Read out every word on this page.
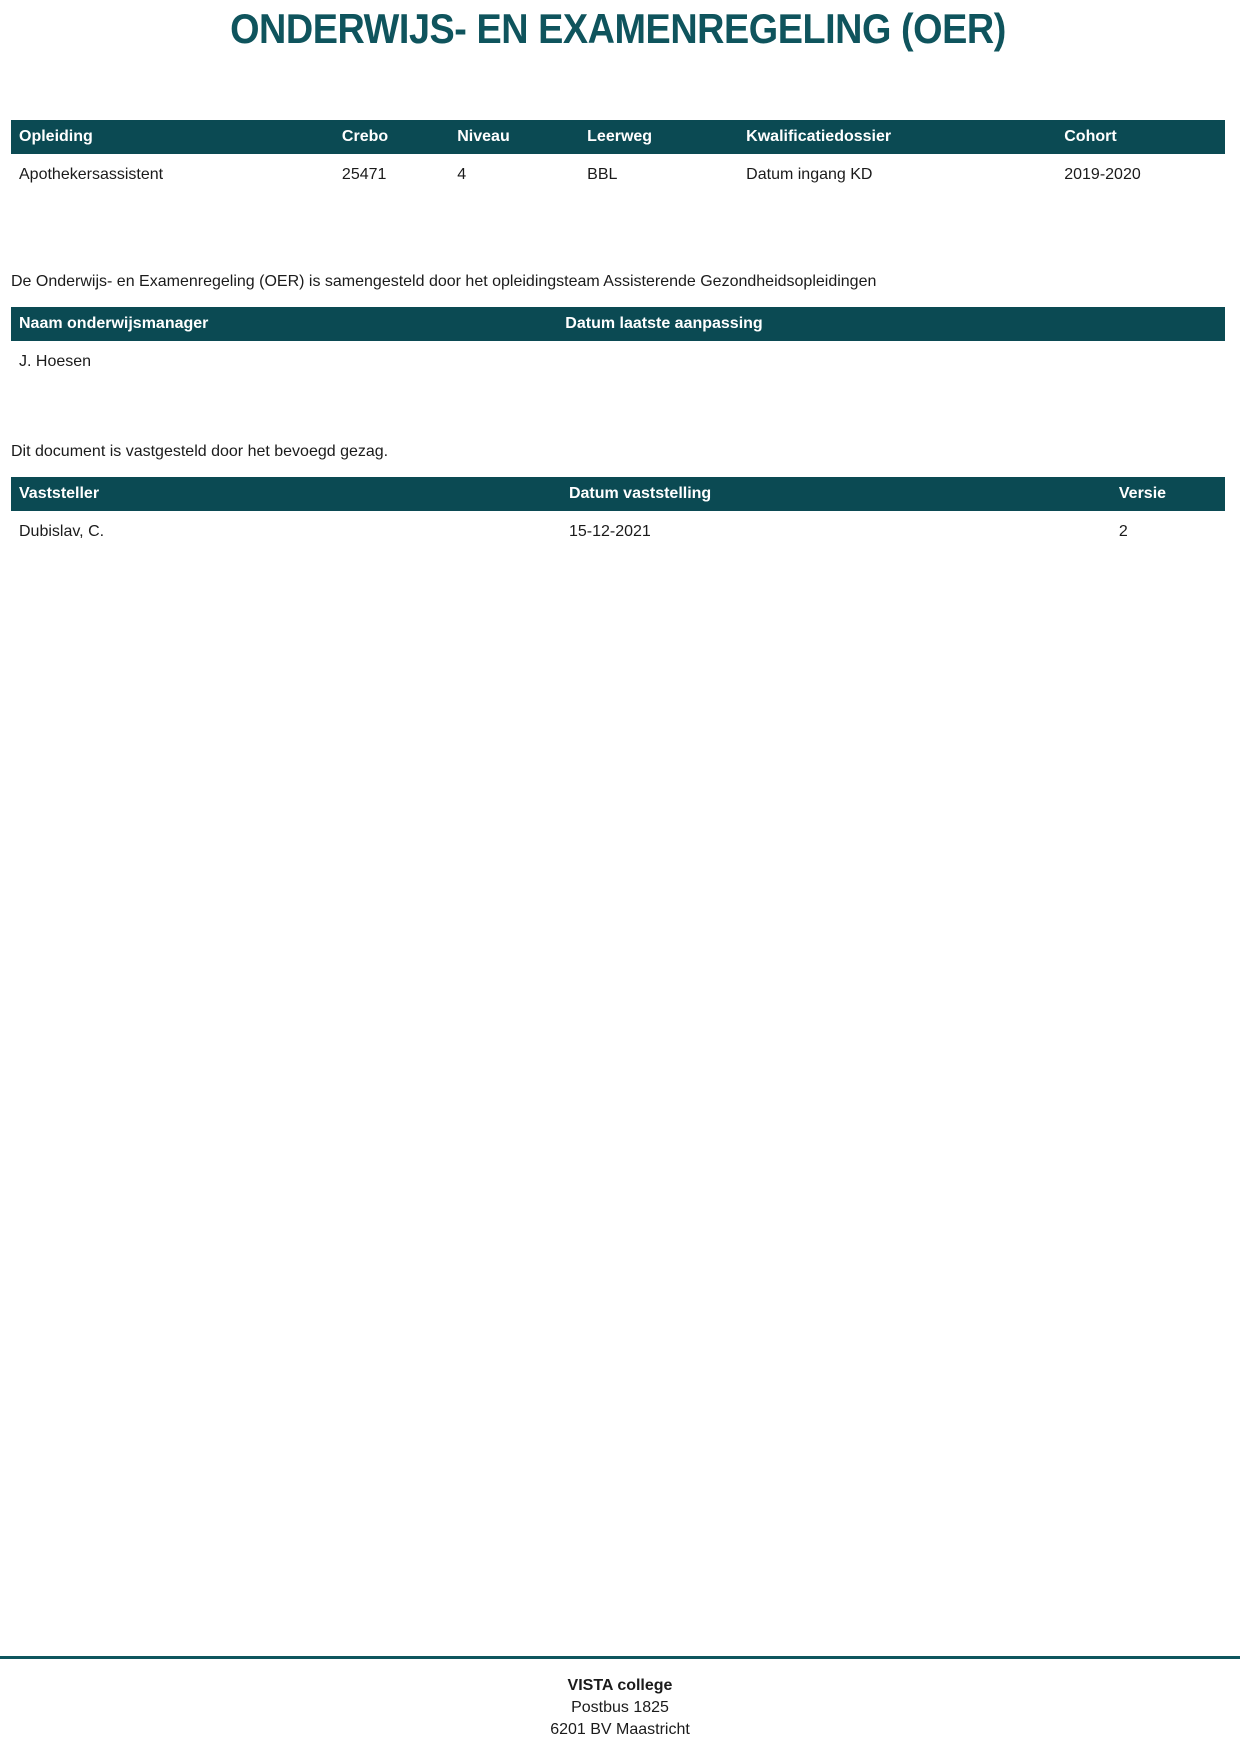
ONDERWIJS- EN EXAMENREGELING (OER)
Opleiding	Crebo	Niveau	Leerweg	Kwalificatiedossier	Cohort
Apothekersassistent	25471	4	BBL	Datum ingang KD	2019-2020

De Onderwijs- en Examenregeling (OER) is samengesteld door het opleidingsteam Assisterende Gezondheidsopleidingen

Naam onderwijsmanager	Datum laatste aanpassing
J. Hoesen	

Dit document is vastgesteld door het bevoegd gezag.

Vaststeller	Datum vaststelling	Versie
Dubislav, C.	15-12-2021	2
VISTA college
Postbus 1825
6201 BV Maastricht
